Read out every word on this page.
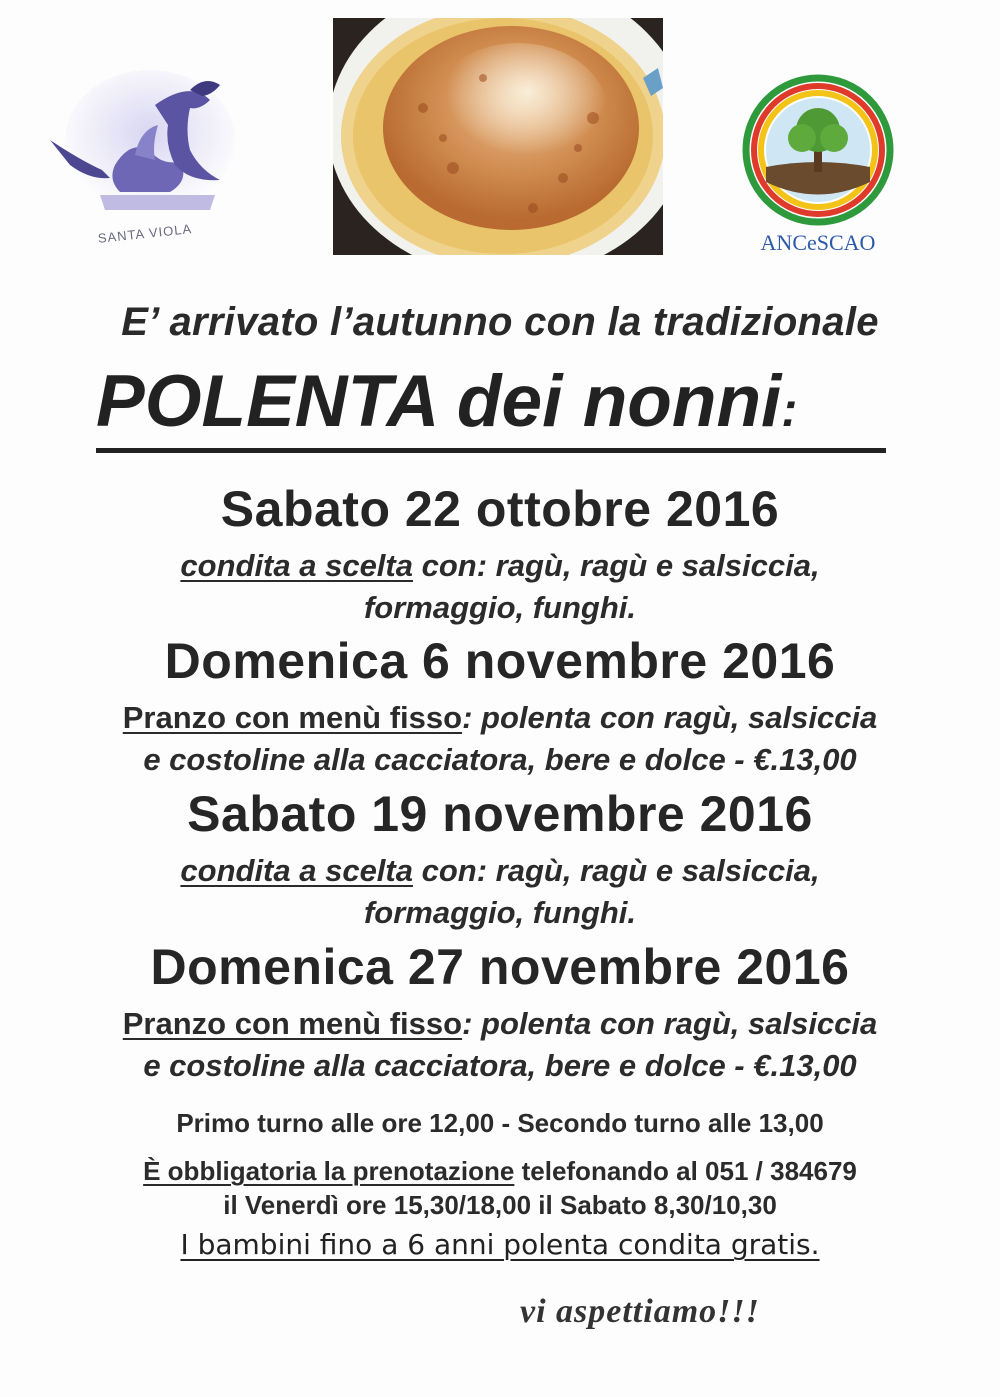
SANTA VIOLA	ANCeSCAO
E’ arrivato l’autunno con la tradizionale
POLENTA dei nonni:
Sabato 22 ottobre 2016
condita a scelta con: ragù, ragù e salsiccia,
formaggio, funghi.
Domenica 6 novembre 2016
Pranzo con menù fisso: polenta con ragù, salsiccia
e costoline alla cacciatora, bere e dolce - €.13,00
Sabato 19 novembre 2016
condita a scelta con: ragù, ragù e salsiccia,
formaggio, funghi.
Domenica 27 novembre 2016
Pranzo con menù fisso: polenta con ragù, salsiccia
e costoline alla cacciatora, bere e dolce - €.13,00
Primo turno alle ore 12,00 - Secondo turno alle 13,00
È obbligatoria la prenotazione telefonando al 051 / 384679
il Venerdì ore 15,30/18,00 il Sabato 8,30/10,30
I bambini fino a 6 anni polenta condita gratis.
vi aspettiamo!!!
